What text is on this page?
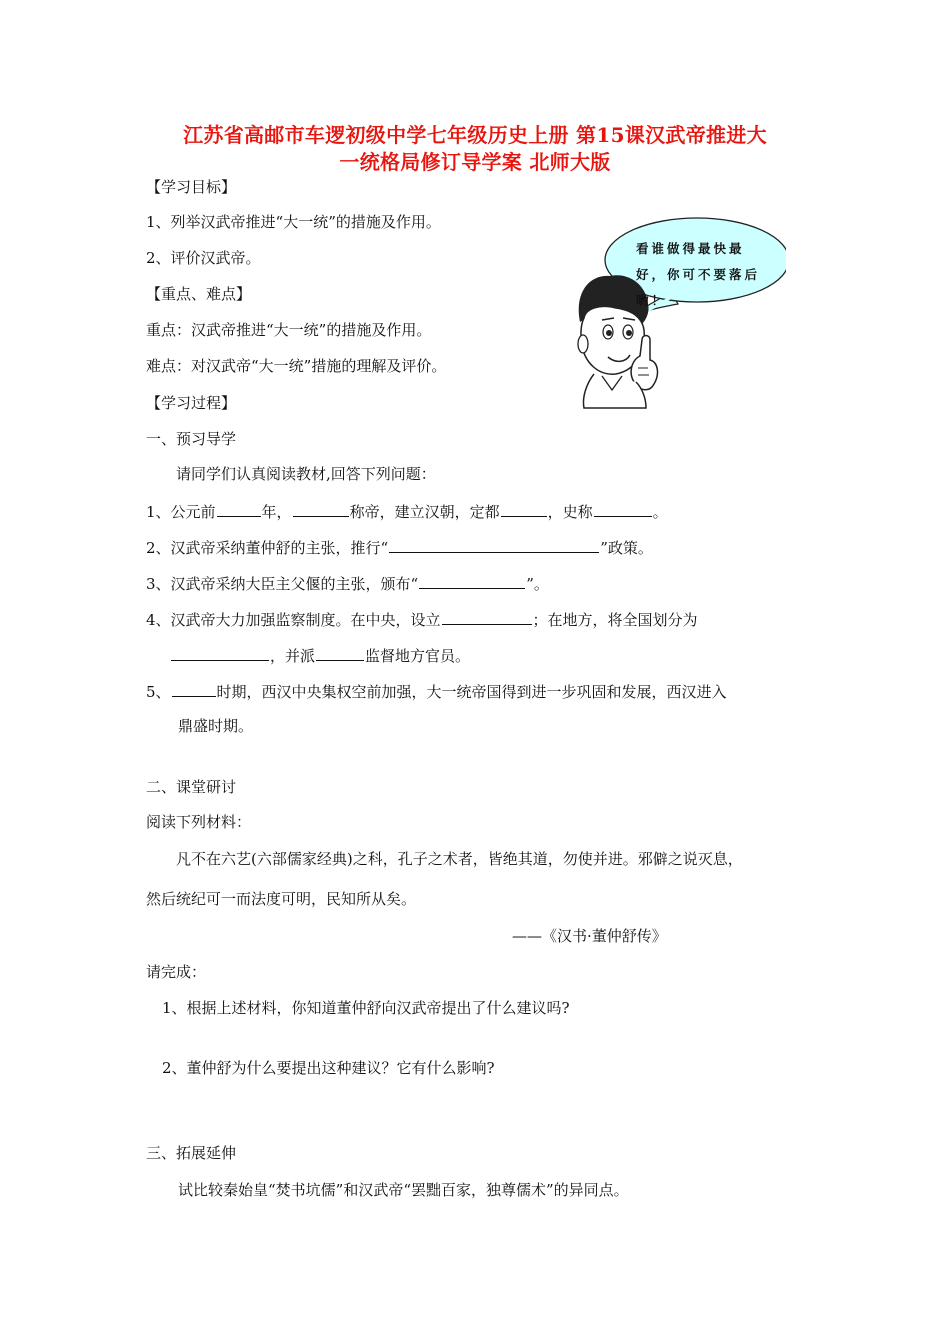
江苏省高邮市车逻初级中学七年级历史上册 第15课汉武帝推进大
一统格局修订导学案 北师大版
看谁做得最快最
好，你可不要落后
哟！
【学习目标】
1、列举汉武帝推进“大一统”的措施及作用。
2、评价汉武帝。
【重点、难点】
重点：汉武帝推进“大一统”的措施及作用。
难点：对汉武帝“大一统”措施的理解及评价。
【学习过程】
一、预习导学
请同学们认真阅读教材,回答下列问题：
1、公元前	年，	称帝，建立汉朝，定都	，史称	。
2、汉武帝采纳董仲舒的主张，推行“	”政策。
3、汉武帝采纳大臣主父偃的主张，颁布“	”。
4、汉武帝大力加强监察制度。在中央，设立	；在地方，将全国划分为
，并派	监督地方官员。
5、	时期，西汉中央集权空前加强，大一统帝国得到进一步巩固和发展，西汉进入
鼎盛时期。
二、课堂研讨
阅读下列材料：
凡不在六艺(六部儒家经典)之科，孔子之术者，皆绝其道，勿使并进。邪僻之说灭息，
然后统纪可一而法度可明，民知所从矣。
——《汉书·董仲舒传》
请完成：
1、根据上述材料，你知道董仲舒向汉武帝提出了什么建议吗?
2、董仲舒为什么要提出这种建议？它有什么影响?
三、拓展延伸
试比较秦始皇“焚书坑儒”和汉武帝“罢黜百家，独尊儒术”的异同点。
